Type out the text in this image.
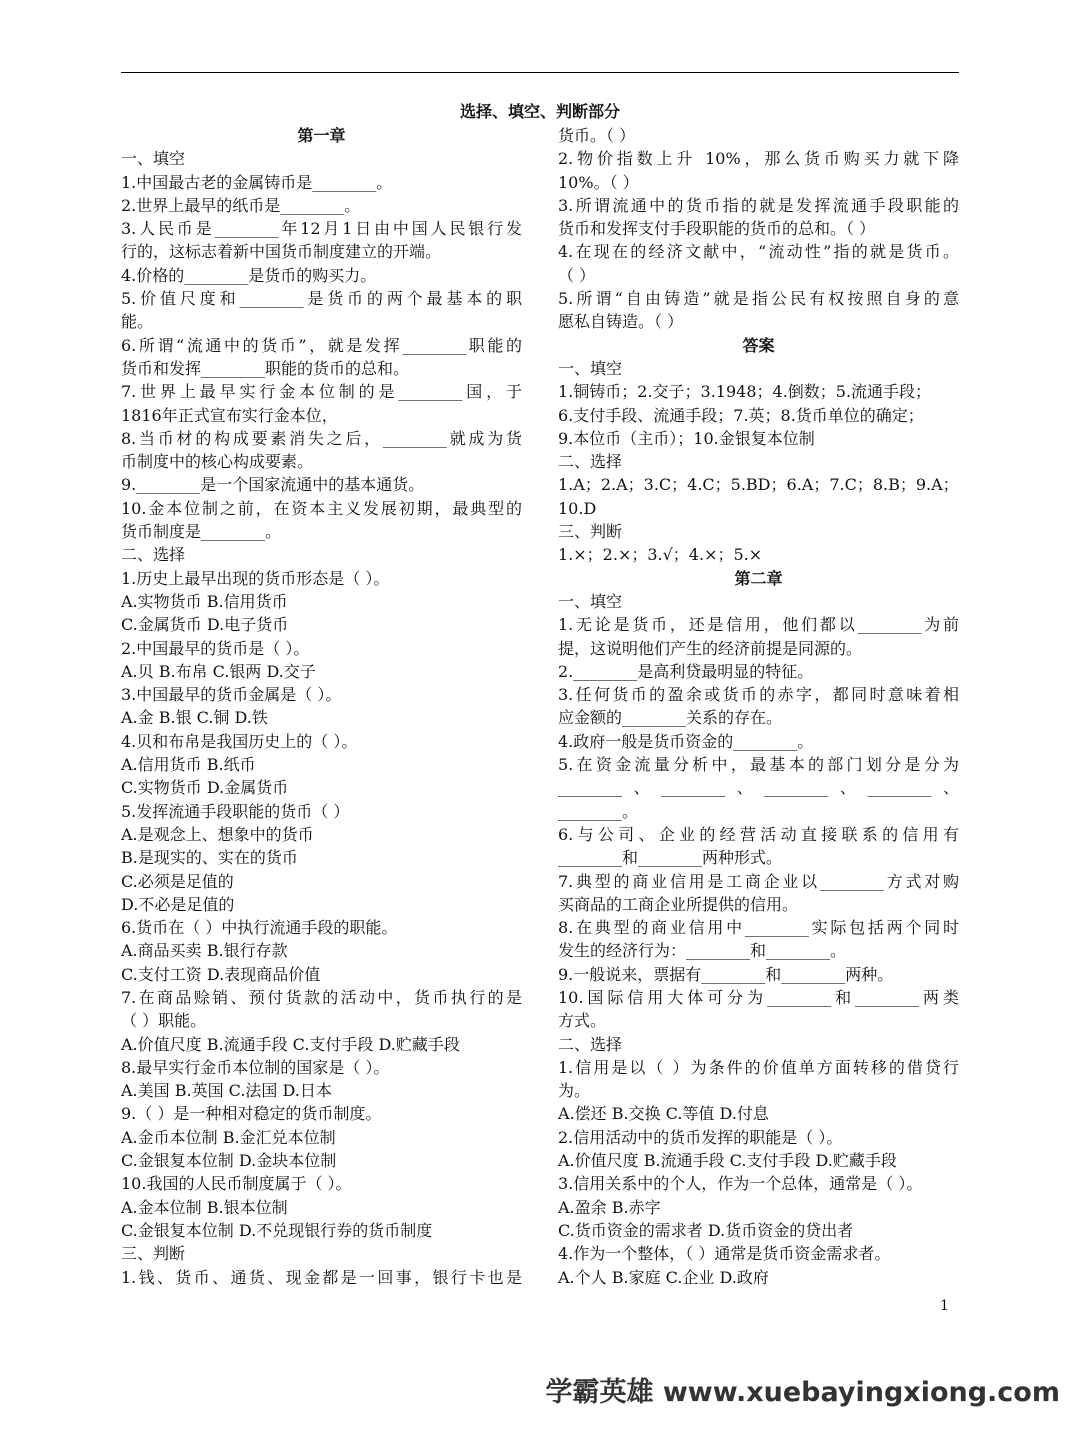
选择、填空、判断部分
第一章
一、填空
1.中国最古老的金属铸币是________。
2.世界上最早的纸币是________。
3.人民币是________年12月1日由中国人民银行发
行的，这标志着新中国货币制度建立的开端。
4.价格的________是货币的购买力。
5.价值尺度和________是货币的两个最基本的职
能。
6.所谓“流通中的货币”，就是发挥________职能的
货币和发挥________职能的货币的总和。
7.世界上最早实行金本位制的是________国，于
1816年正式宣布实行金本位，
8.当币材的构成要素消失之后，________就成为货
币制度中的核心构成要素。
9.________是一个国家流通中的基本通货。
10.金本位制之前，在资本主义发展初期，最典型的
货币制度是________。
二、选择
1.历史上最早出现的货币形态是（ ）。
A.实物货币 B.信用货币
C.金属货币 D.电子货币
2.中国最早的货币是（ ）。
A.贝 B.布帛 C.银两 D.交子
3.中国最早的货币金属是（ ）。
A.金 B.银 C.铜 D.铁
4.贝和布帛是我国历史上的（ ）。
A.信用货币 B.纸币
C.实物货币 D.金属货币
5.发挥流通手段职能的货币（ ）
A.是观念上、想象中的货币
B.是现实的、实在的货币
C.必须是足值的
D.不必是足值的
6.货币在（ ）中执行流通手段的职能。
A.商品买卖 B.银行存款
C.支付工资 D.表现商品价值
7.在商品赊销、预付货款的活动中，货币执行的是
（ ）职能。
A.价值尺度 B.流通手段 C.支付手段 D.贮藏手段
8.最早实行金币本位制的国家是（ ）。
A.美国 B.英国 C.法国 D.日本
9.（ ）是一种相对稳定的货币制度。
A.金币本位制 B.金汇兑本位制
C.金银复本位制 D.金块本位制
10.我国的人民币制度属于（ ）。
A.金本位制 B.银本位制
C.金银复本位制 D.不兑现银行券的货币制度
三、判断
1.钱、货币、通货、现金都是一回事，银行卡也是
货币。（ ）
2.物价指数上升 10%，那么货币购买力就下降
10%。（ ）
3.所谓流通中的货币指的就是发挥流通手段职能的
货币和发挥支付手段职能的货币的总和。（ ）
4.在现在的经济文献中，“流动性”指的就是货币。
（ ）
5.所谓“自由铸造”就是指公民有权按照自身的意
愿私自铸造。（ ）
答案
一、填空
1.铜铸币；2.交子；3.1948；4.倒数；5.流通手段；
6.支付手段、流通手段；7.英；8.货币单位的确定；
9.本位币（主币）；10.金银复本位制
二、选择
1.A；2.A；3.C；4.C；5.BD；6.A；7.C；8.B；9.A；
10.D
三、判断
1.×；2.×；3.√；4.×；5.×
第二章
一、填空
1.无论是货币，还是信用，他们都以________为前
提，这说明他们产生的经济前提是同源的。
2.________是高利贷最明显的特征。
3.任何货币的盈余或货币的赤字，都同时意味着相
应金额的________关系的存在。
4.政府一般是货币资金的________。
5.在资金流量分析中，最基本的部门划分是分为
________、________、________、________、
________。
6.与公司、企业的经营活动直接联系的信用有
________和________两种形式。
7.典型的商业信用是工商企业以________方式对购
买商品的工商企业所提供的信用。
8.在典型的商业信用中________实际包括两个同时
发生的经济行为：________和________。
9.一般说来，票据有________和________两种。
10.国际信用大体可分为________和________两类
方式。
二、选择
1.信用是以（ ）为条件的价值单方面转移的借贷行
为。
A.偿还 B.交换 C.等值 D.付息
2.信用活动中的货币发挥的职能是（ ）。
A.价值尺度 B.流通手段 C.支付手段 D.贮藏手段
3.信用关系中的个人，作为一个总体，通常是（ ）。
A.盈余 B.赤字
C.货币资金的需求者 D.货币资金的贷出者
4.作为一个整体，（ ）通常是货币资金需求者。
A.个人 B.家庭 C.企业 D.政府
1
学霸英雄 www.xuebayingxiong.com
